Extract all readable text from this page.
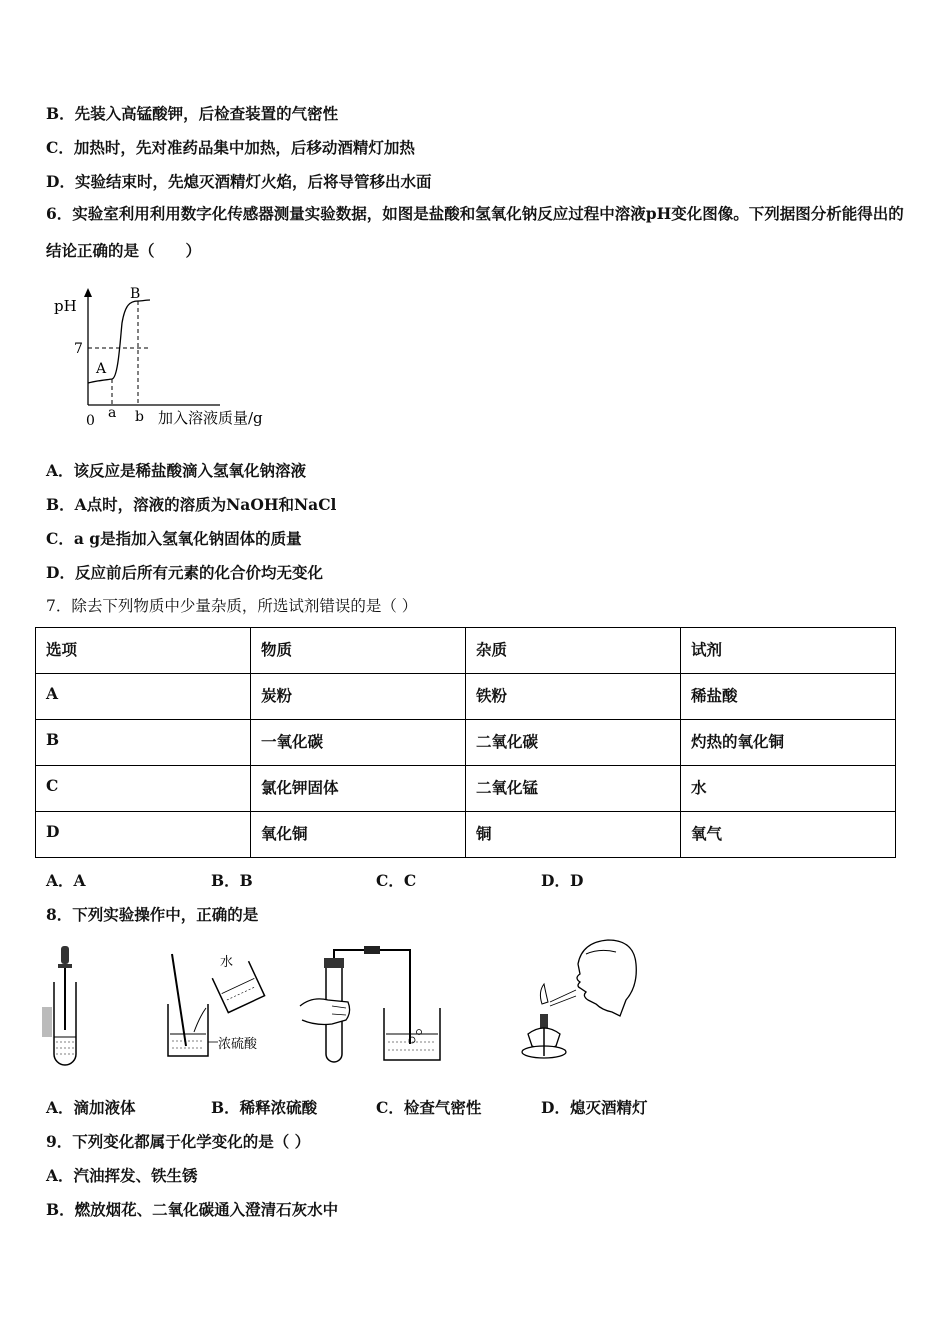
B．先装入高锰酸钾，后检查装置的气密性
C．加热时，先对准药品集中加热，后移动酒精灯加热
D．实验结束时，先熄灭酒精灯火焰，后将导管移出水面
6．实验室利用利用数字化传感器测量实验数据，如图是盐酸和氢氧化钠反应过程中溶液pH变化图像。下列据图分析能得出的结论正确的是（　　）
pH
0 a b 加入溶液质量/g
7
A
B
A．该反应是稀盐酸滴入氢氧化钠溶液
B．A点时，溶液的溶质为NaOH和NaCl
C．a g是指加入氢氧化钠固体的质量
D．反应前后所有元素的化合价均无变化
7．除去下列物质中少量杂质，所选试剂错误的是（ ）
选项	物质	杂质	试剂
A	炭粉	铁粉	稀盐酸
B	一氧化碳	二氧化碳	灼热的氧化铜
C	氯化钾固体	二氧化锰	水
D	氧化铜	铜	氧气
A．A	B．B	C．C	D．D
8．下列实验操作中，正确的是
水
浓硫酸
A．滴加液体	B．稀释浓硫酸	C．检查气密性	D．熄灭酒精灯
9．下列变化都属于化学变化的是（ ）
A．汽油挥发、铁生锈
B．燃放烟花、二氧化碳通入澄清石灰水中
